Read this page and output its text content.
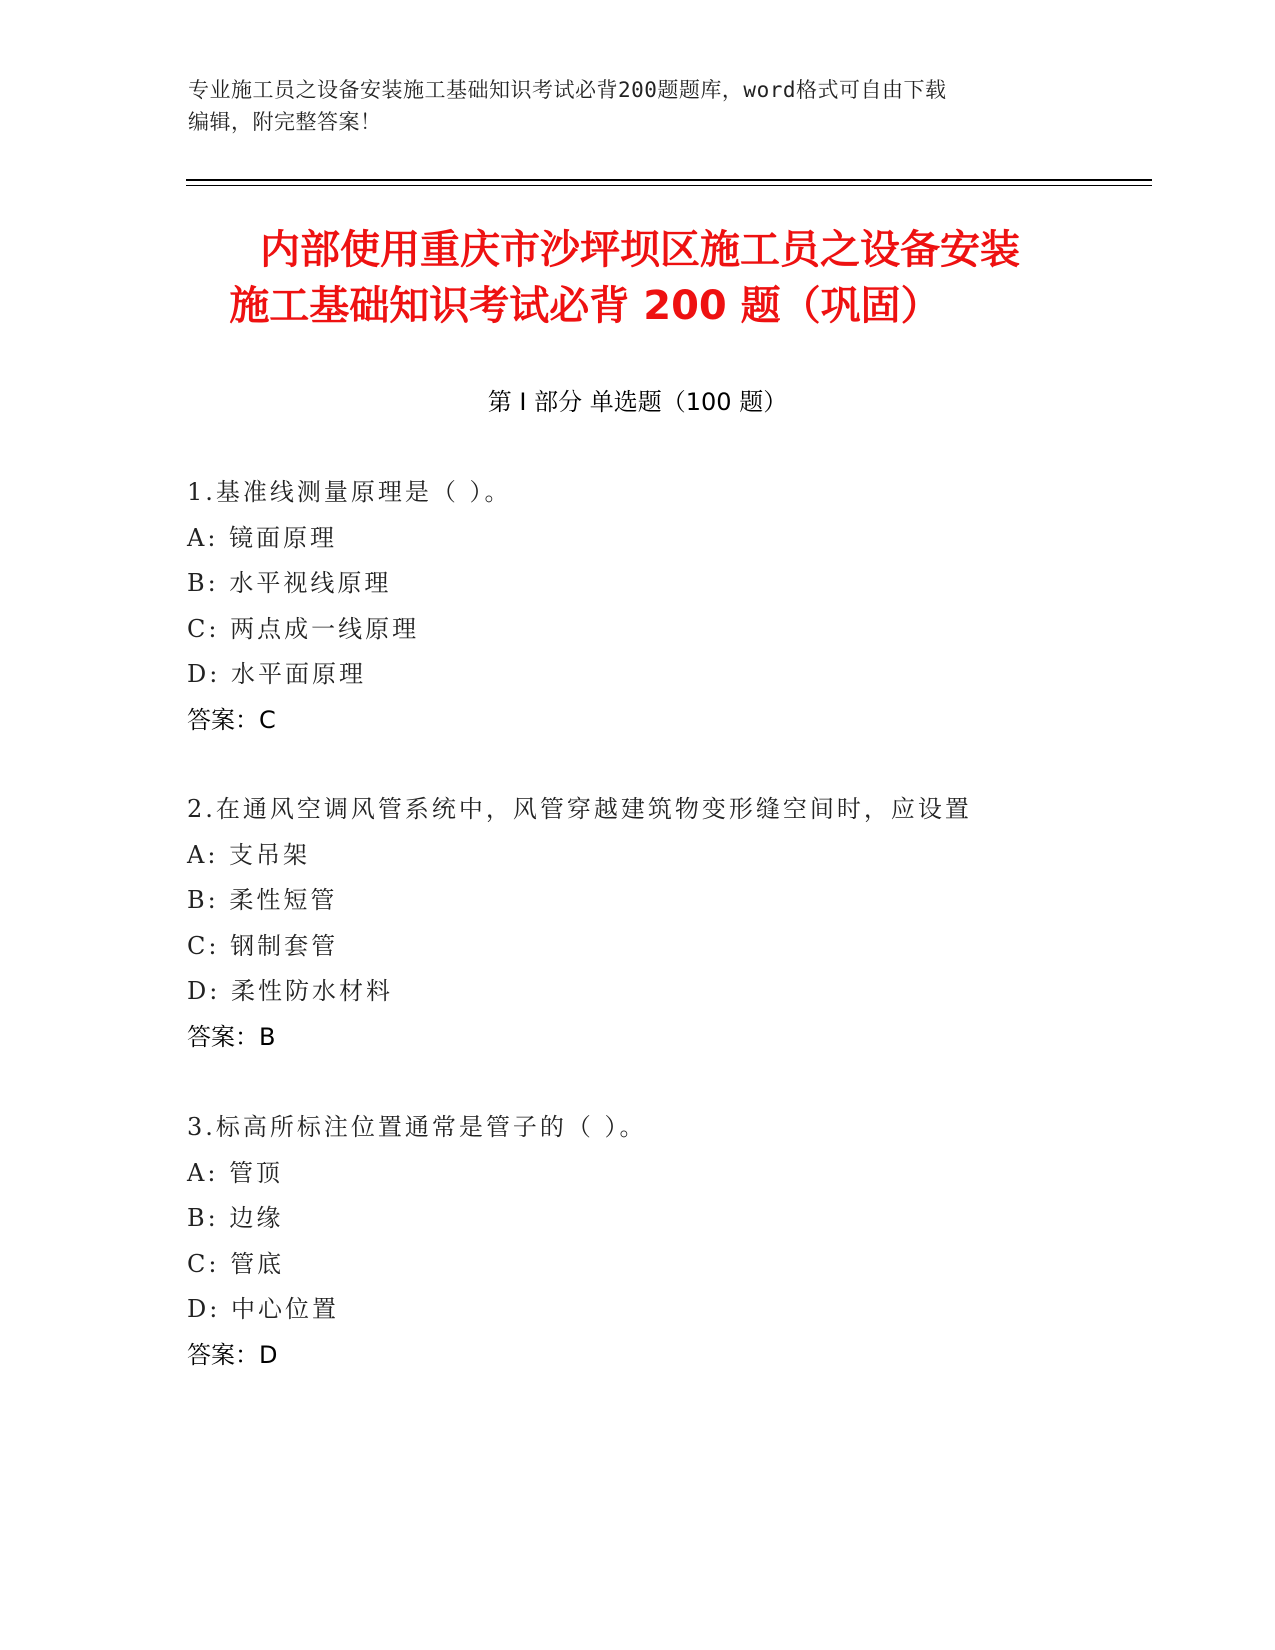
专业施工员之设备安装施工基础知识考试必背200题题库，word格式可自由下载
编辑，附完整答案！
内部使用重庆市沙坪坝区施工员之设备安装
施工基础知识考试必背 200 题（巩固）
第 I 部分 单选题（100 题）
1.基准线测量原理是（ ）。
A: 镜面原理
B: 水平视线原理
C: 两点成一线原理
D: 水平面原理
答案：C
2.在通风空调风管系统中，风管穿越建筑物变形缝空间时，应设置
A: 支吊架
B: 柔性短管
C: 钢制套管
D: 柔性防水材料
答案：B
3.标高所标注位置通常是管子的（ ）。
A: 管顶
B: 边缘
C: 管底
D: 中心位置
答案：D
